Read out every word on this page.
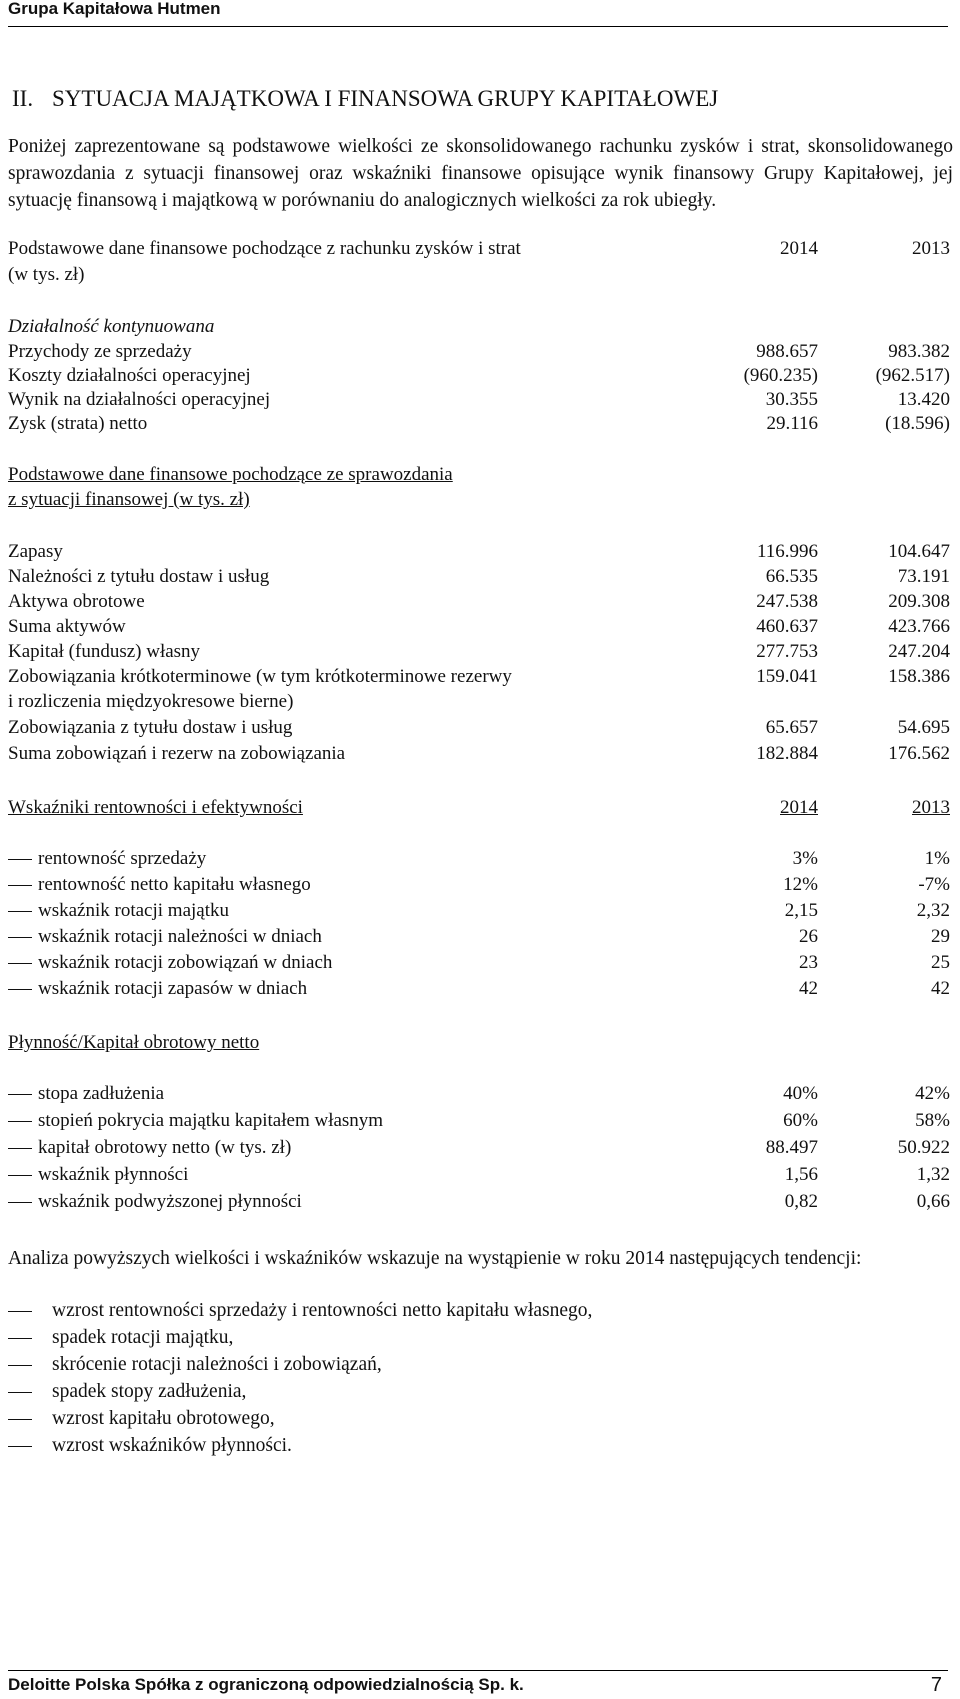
Grupa Kapitałowa Hutmen
II. SYTUACJA MAJĄTKOWA I FINANSOWA GRUPY KAPITAŁOWEJ
Poniżej zaprezentowane są podstawowe wielkości ze skonsolidowanego rachunku zysków i strat, skonsolidowanego sprawozdania z sytuacji finansowej oraz wskaźniki finansowe opisujące wynik finansowy Grupy Kapitałowej, jej sytuację finansową i majątkową w porównaniu do analogicznych wielkości za rok ubiegły.
Podstawowe dane finansowe pochodzące z rachunku zysków i strat	2014	2013
(w tys. zł)
Działalność kontynuowana
Przychody ze sprzedaży	988.657	983.382
Koszty działalności operacyjnej	(960.235)	(962.517)
Wynik na działalności operacyjnej	30.355	13.420
Zysk (strata) netto	29.116	(18.596)
Podstawowe dane finansowe pochodzące ze sprawozdania
z sytuacji finansowej (w tys. zł)
Zapasy	116.996	104.647
Należności z tytułu dostaw i usług	66.535	73.191
Aktywa obrotowe	247.538	209.308
Suma aktywów	460.637	423.766
Kapitał (fundusz) własny	277.753	247.204
Zobowiązania krótkoterminowe (w tym krótkoterminowe rezerwy	159.041	158.386
i rozliczenia międzyokresowe bierne)
Zobowiązania z tytułu dostaw i usług	65.657	54.695
Suma zobowiązań i rezerw na zobowiązania	182.884	176.562
Wskaźniki rentowności i efektywności	2014	2013
rentowność sprzedaży	3%	1%
rentowność netto kapitału własnego	12%	-7%
wskaźnik rotacji majątku	2,15	2,32
wskaźnik rotacji należności w dniach	26	29
wskaźnik rotacji zobowiązań w dniach	23	25
wskaźnik rotacji zapasów w dniach	42	42
Płynność/Kapitał obrotowy netto
stopa zadłużenia	40%	42%
stopień pokrycia majątku kapitałem własnym	60%	58%
kapitał obrotowy netto (w tys. zł)	88.497	50.922
wskaźnik płynności	1,56	1,32
wskaźnik podwyższonej płynności	0,82	0,66
Analiza powyższych wielkości i wskaźników wskazuje na wystąpienie w roku 2014 następujących tendencji:
wzrost rentowności sprzedaży i rentowności netto kapitału własnego,
spadek rotacji majątku,
skrócenie rotacji należności i zobowiązań,
spadek stopy zadłużenia,
wzrost kapitału obrotowego,
wzrost wskaźników płynności.
Deloitte Polska Spółka z ograniczoną odpowiedzialnością Sp. k.	7
